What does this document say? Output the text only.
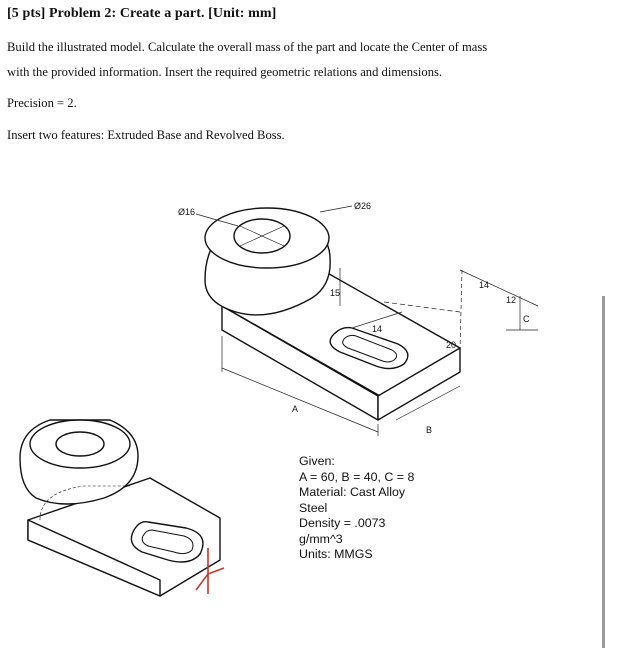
[5 pts] Problem 2: Create a part. [Unit: mm]
Build the illustrated model. Calculate the overall mass of the part and locate the Center of mass
with the provided information. Insert the required geometric relations and dimensions.
Precision = 2.
Insert two features: Extruded Base and Revolved Boss.
Ø16
Ø26
15
14
20
14
12
C
A
B
Given:
A = 60, B = 40, C = 8
Material: Cast Alloy
Steel
Density = .0073
g/mm^3
Units: MMGS
